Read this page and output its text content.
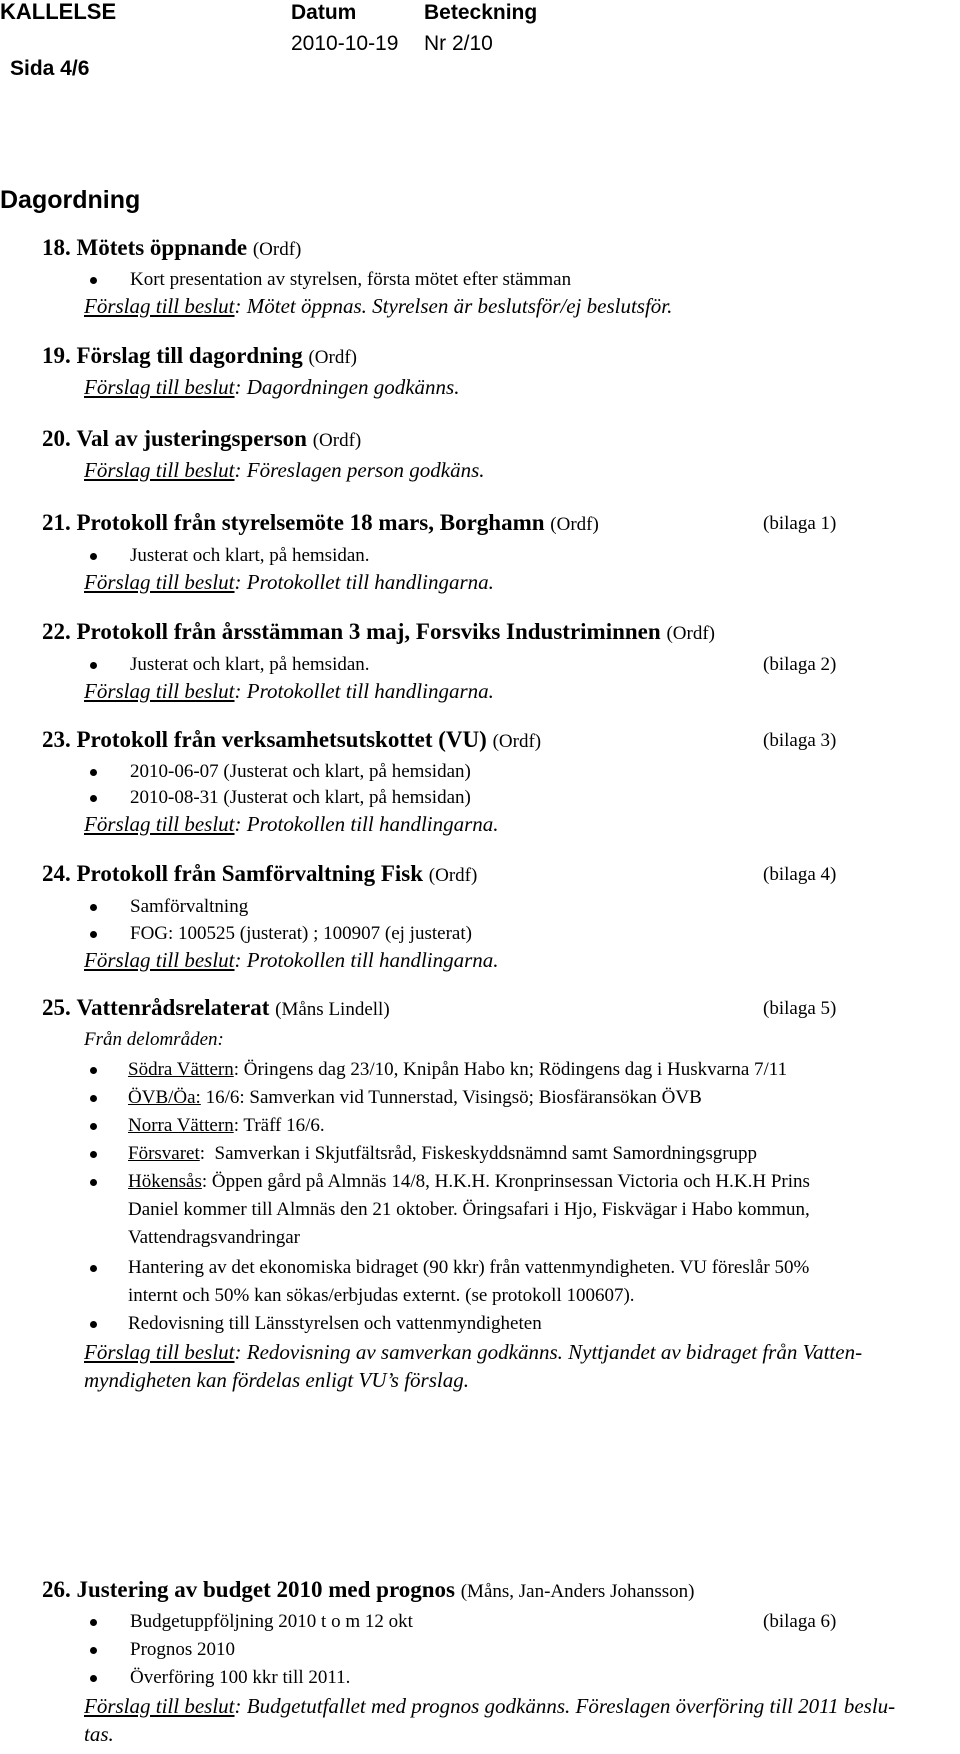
KALLELSE
Sida 4/6
Datum
2010-10-19
Beteckning
Nr 2/10
Dagordning
18. Mötets öppnande (Ordf)
Kort presentation av styrelsen, första mötet efter stämman
Förslag till beslut: Mötet öppnas. Styrelsen är beslutsför/ej beslutsför.
19. Förslag till dagordning (Ordf)
Förslag till beslut: Dagordningen godkänns.
20. Val av justeringsperson (Ordf)
Förslag till beslut: Föreslagen person godkäns.
21. Protokoll från styrelsemöte 18 mars, Borghamn (Ordf)	(bilaga 1)
Justerat och klart, på hemsidan.
Förslag till beslut: Protokollet till handlingarna.
22. Protokoll från årsstämman 3 maj, Forsviks Industriminnen (Ordf)
Justerat och klart, på hemsidan.	(bilaga 2)
Förslag till beslut: Protokollet till handlingarna.
23. Protokoll från verksamhetsutskottet (VU) (Ordf)	(bilaga 3)
2010-06-07 (Justerat och klart, på hemsidan)
2010-08-31 (Justerat och klart, på hemsidan)
Förslag till beslut: Protokollen till handlingarna.
24. Protokoll från Samförvaltning Fisk (Ordf)	(bilaga 4)
Samförvaltning
FOG: 100525 (justerat) ; 100907 (ej justerat)
Förslag till beslut: Protokollen till handlingarna.
25. Vattenrådsrelaterat (Måns Lindell)	(bilaga 5)
Från delområden:
Södra Vättern: Öringens dag 23/10, Knipån Habo kn; Rödingens dag i Huskvarna 7/11
ÖVB/Öa: 16/6: Samverkan vid Tunnerstad, Visingsö; Biosfäransökan ÖVB
Norra Vättern: Träff 16/6.
Försvaret:  Samverkan i Skjutfältsråd, Fiskeskyddsnämnd samt Samordningsgrupp
Hökensås: Öppen gård på Almnäs 14/8, H.K.H. Kronprinsessan Victoria och H.K.H Prins
Daniel kommer till Almnäs den 21 oktober. Öringsafari i Hjo, Fiskvägar i Habo kommun,
Vattendragsvandringar
Hantering av det ekonomiska bidraget (90 kkr) från vattenmyndigheten. VU föreslår 50%
internt och 50% kan sökas/erbjudas externt. (se protokoll 100607).
Redovisning till Länsstyrelsen och vattenmyndigheten
Förslag till beslut: Redovisning av samverkan godkänns. Nyttjandet av bidraget från Vatten-
myndigheten kan fördelas enligt VU’s förslag.
26. Justering av budget 2010 med prognos (Måns, Jan-Anders Johansson)
Budgetuppföljning 2010 t o m 12 okt	(bilaga 6)
Prognos 2010
Överföring 100 kkr till 2011.
Förslag till beslut: Budgetutfallet med prognos godkänns. Föreslagen överföring till 2011 beslu-
tas.
